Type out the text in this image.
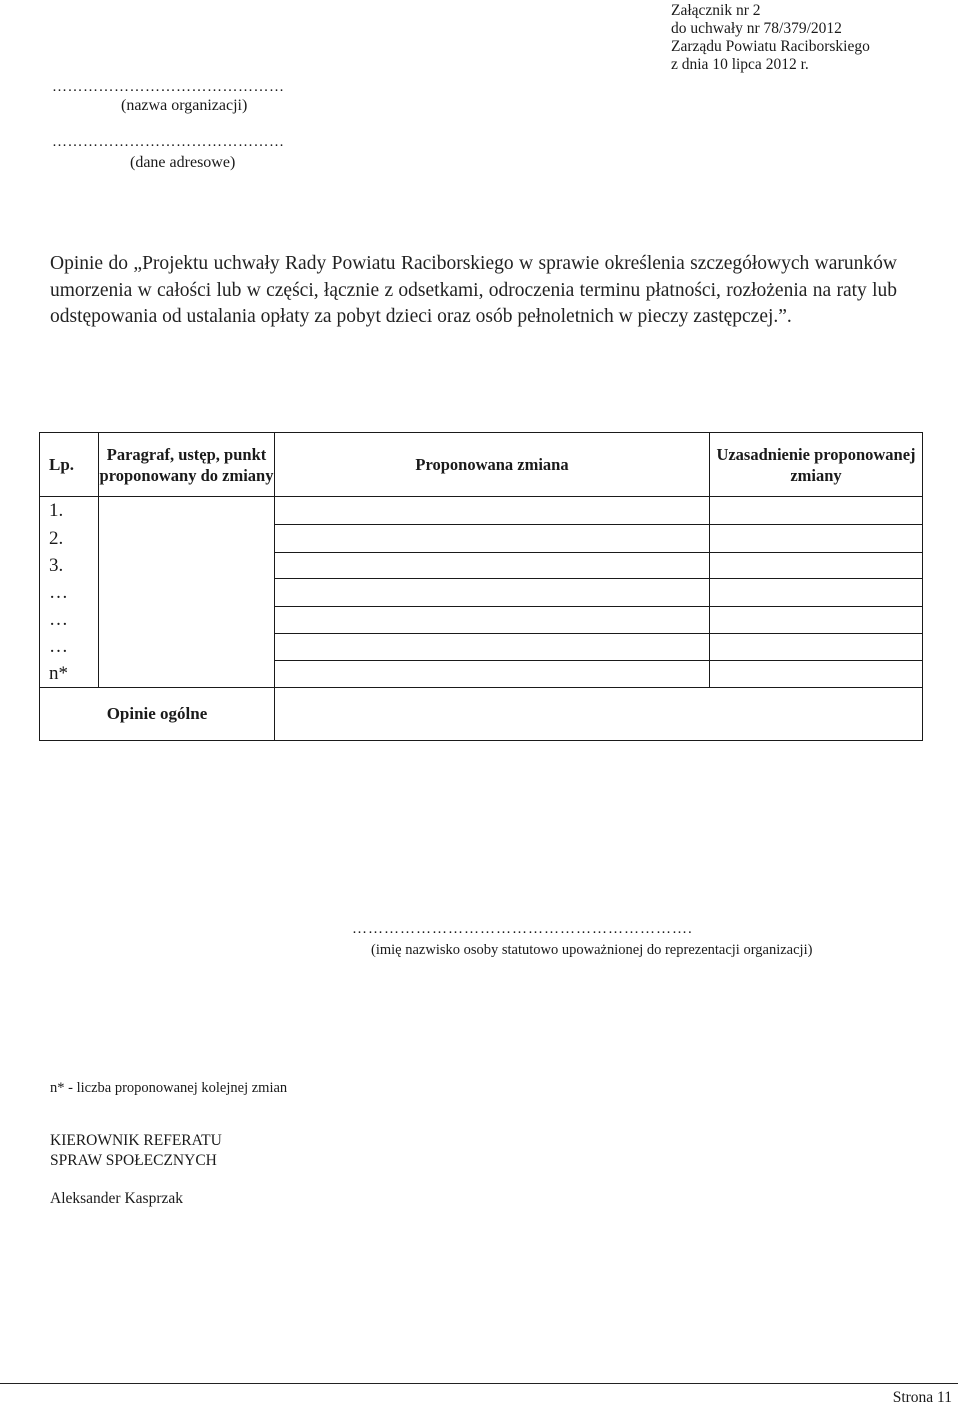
Załącznik nr 2
do uchwały nr 78/379/2012
Zarządu Powiatu Raciborskiego
z dnia 10 lipca 2012 r.
………………………………………
(nazwa organizacji)
………………………………………
(dane adresowe)
Opinie do „Projektu uchwały Rady Powiatu Raciborskiego w sprawie określenia szczegółowych warunków umorzenia w całości lub w części, łącznie z odsetkami, odroczenia terminu płatności, rozłożenia na raty lub odstępowania od ustalania opłaty za pobyt dzieci oraz osób pełnoletnich w pieczy zastępczej.”.
Lp.	Paragraf, ustęp, punkt proponowany do zmiany	Proponowana zmiana	Uzasadnienie proponowanej zmiany
1.			
2.			
3.			
…			
…			
…			
n*			
Opinie ogólne			
……………………………………………………….
(imię nazwisko osoby statutowo upoważnionej do reprezentacji organizacji)
n* - liczba proponowanej kolejnej zmian
KIEROWNIK REFERATU
SPRAW SPOŁECZNYCH
Aleksander Kasprzak
Strona 11
